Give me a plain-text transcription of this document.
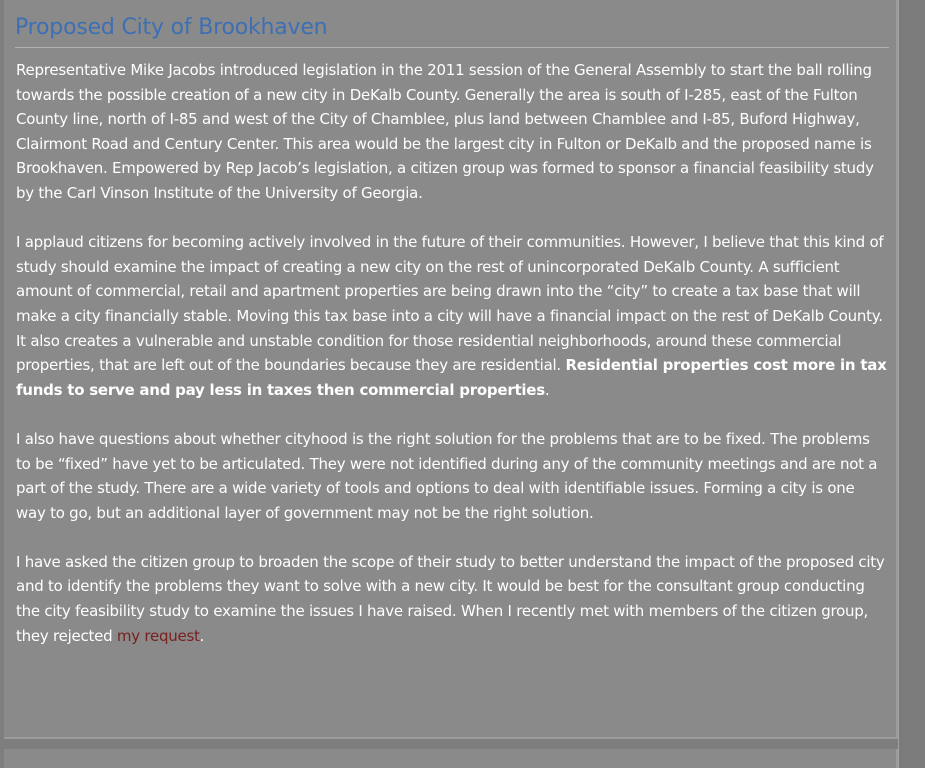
Proposed City of Brookhaven

Representative Mike Jacobs introduced legislation in the 2011 session of the General Assembly to start the ball rolling towards the possible creation of a new city in DeKalb County. Generally the area is south of I-285, east of the Fulton County line, north of I-85 and west of the City of Chamblee, plus land between Chamblee and I-85, Buford Highway, Clairmont Road and Century Center. This area would be the largest city in Fulton or DeKalb and the proposed name is Brookhaven. Empowered by Rep Jacob’s legislation, a citizen group was formed to sponsor a financial feasibility study by the Carl Vinson Institute of the University of Georgia.

I applaud citizens for becoming actively involved in the future of their communities. However, I believe that this kind of study should examine the impact of creating a new city on the rest of unincorporated DeKalb County. A sufficient amount of commercial, retail and apartment properties are being drawn into the “city” to create a tax base that will make a city financially stable. Moving this tax base into a city will have a financial impact on the rest of DeKalb County. It also creates a vulnerable and unstable condition for those residential neighborhoods, around these commercial properties, that are left out of the boundaries because they are residential. Residential properties cost more in tax funds to serve and pay less in taxes then commercial properties.

I also have questions about whether cityhood is the right solution for the problems that are to be fixed. The problems to be “fixed” have yet to be articulated. They were not identified during any of the community meetings and are not a part of the study. There are a wide variety of tools and options to deal with identifiable issues. Forming a city is one way to go, but an additional layer of government may not be the right solution.

I have asked the citizen group to broaden the scope of their study to better understand the impact of the proposed city and to identify the problems they want to solve with a new city. It would be best for the consultant group conducting the city feasibility study to examine the issues I have raised. When I recently met with members of the citizen group, they rejected my request.
